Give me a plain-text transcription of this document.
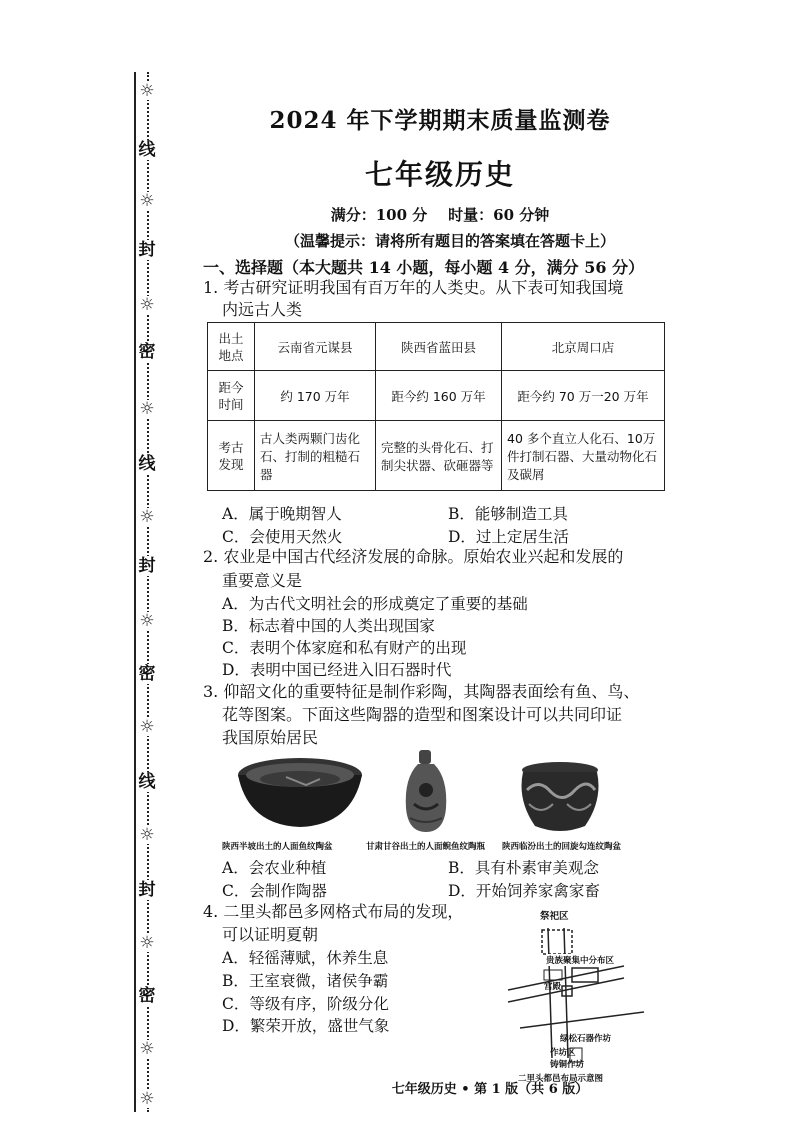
☼
线
☼
封
☼
密
☼
线
☼
封
☼
密
☼
线
☼
封
☼
密
☼
☼
2024 年下学期期末质量监测卷
七年级历史
满分：100 分    时量：60 分钟
（温馨提示：请将所有题目的答案填在答题卡上）
一、选择题（本大题共 14 小题，每小题 4 分，满分 56 分）
1. 考古研究证明我国有百万年的人类史。从下表可知我国境
内远古人类
出土地点	云南省元谋县	陕西省蓝田县	北京周口店
距今时间	约 170 万年	距今约 160 万年	距今约 70 万一20 万年
考古发现	古人类两颗门齿化石、打制的粗糙石器	完整的头骨化石、打制尖状器、砍砸器等	40 多个直立人化石、10万件打制石器、大量动物化石及碳屑
A．属于晚期智人	B．能够制造工具
C．会使用天然火	D．过上定居生活
2. 农业是中国古代经济发展的命脉。原始农业兴起和发展的
重要意义是
A．为古代文明社会的形成奠定了重要的基础
B．标志着中国的人类出现国家
C．表明个体家庭和私有财产的出现
D．表明中国已经进入旧石器时代
3. 仰韶文化的重要特征是制作彩陶，其陶器表面绘有鱼、鸟、
花等图案。下面这些陶器的造型和图案设计可以共同印证
我国原始居民
陕西半坡出土的人面鱼纹陶盆	甘肃甘谷出土的人面鲵鱼纹陶瓶 陕西临汾出土的回旋勾连纹陶盆
A．会农业种植	B．具有朴素审美观念
C．会制作陶器	D．开始饲养家禽家畜
4. 二里头都邑多网格式布局的发现，
可以证明夏朝
A．轻徭薄赋，休养生息
B．王室衰微，诸侯争霸
C．等级有序，阶级分化
D．繁荣开放，盛世气象
祭祀区
贵族聚集中分布区
宫殿
绿松石器作坊
作坊区
铸铜作坊
二里头都邑布局示意图
七年级历史 • 第 1 版（共 6 版）
